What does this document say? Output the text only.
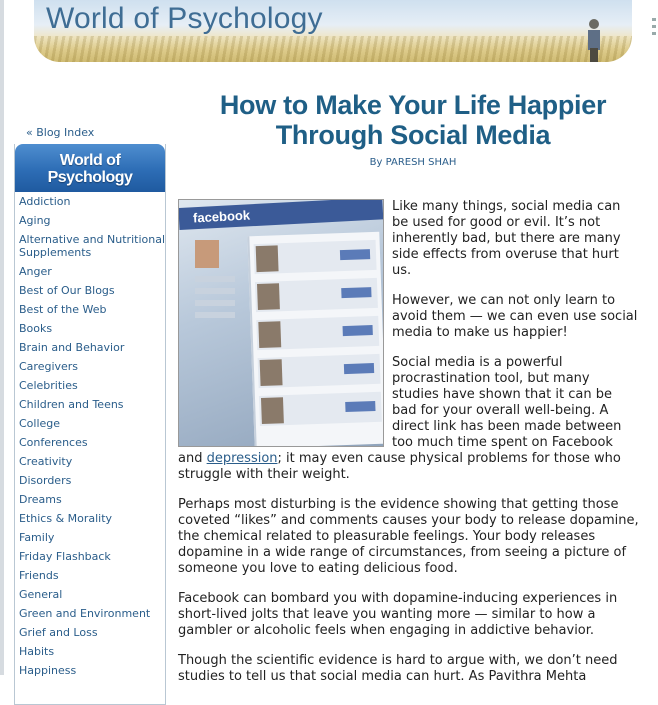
World of Psychology
« Blog Index
World of
Psychology
Addiction
Aging
Alternative and Nutritional Supplements
Anger
Best of Our Blogs
Best of the Web
Books
Brain and Behavior
Caregivers
Celebrities
Children and Teens
College
Conferences
Creativity
Disorders
Dreams
Ethics & Morality
Family
Friday Flashback
Friends
General
Green and Environment
Grief and Loss
Habits
Happiness
How to Make Your Life Happier Through Social Media
By PARESH SHAH
facebook

Like many things, social media can be used for good or evil. It’s not inherently bad, but there are many side effects from overuse that hurt us.

However, we can not only learn to avoid them — we can even use social media to make us happier!

Social media is a powerful procrastination tool, but many studies have shown that it can be bad for your overall well-being. A direct link has been made between too much time spent on Facebook

and depression; it may even cause physical problems for those who struggle with their weight.

Perhaps most disturbing is the evidence showing that getting those coveted “likes” and comments causes your body to release dopamine, the chemical related to pleasurable feelings. Your body releases dopamine in a wide range of circumstances, from seeing a picture of someone you love to eating delicious food.

Facebook can bombard you with dopamine-inducing experiences in short-lived jolts that leave you wanting more — similar to how a gambler or alcoholic feels when engaging in addictive behavior.

Though the scientific evidence is hard to argue with, we don’t need studies to tell us that social media can hurt. As Pavithra Mehta
